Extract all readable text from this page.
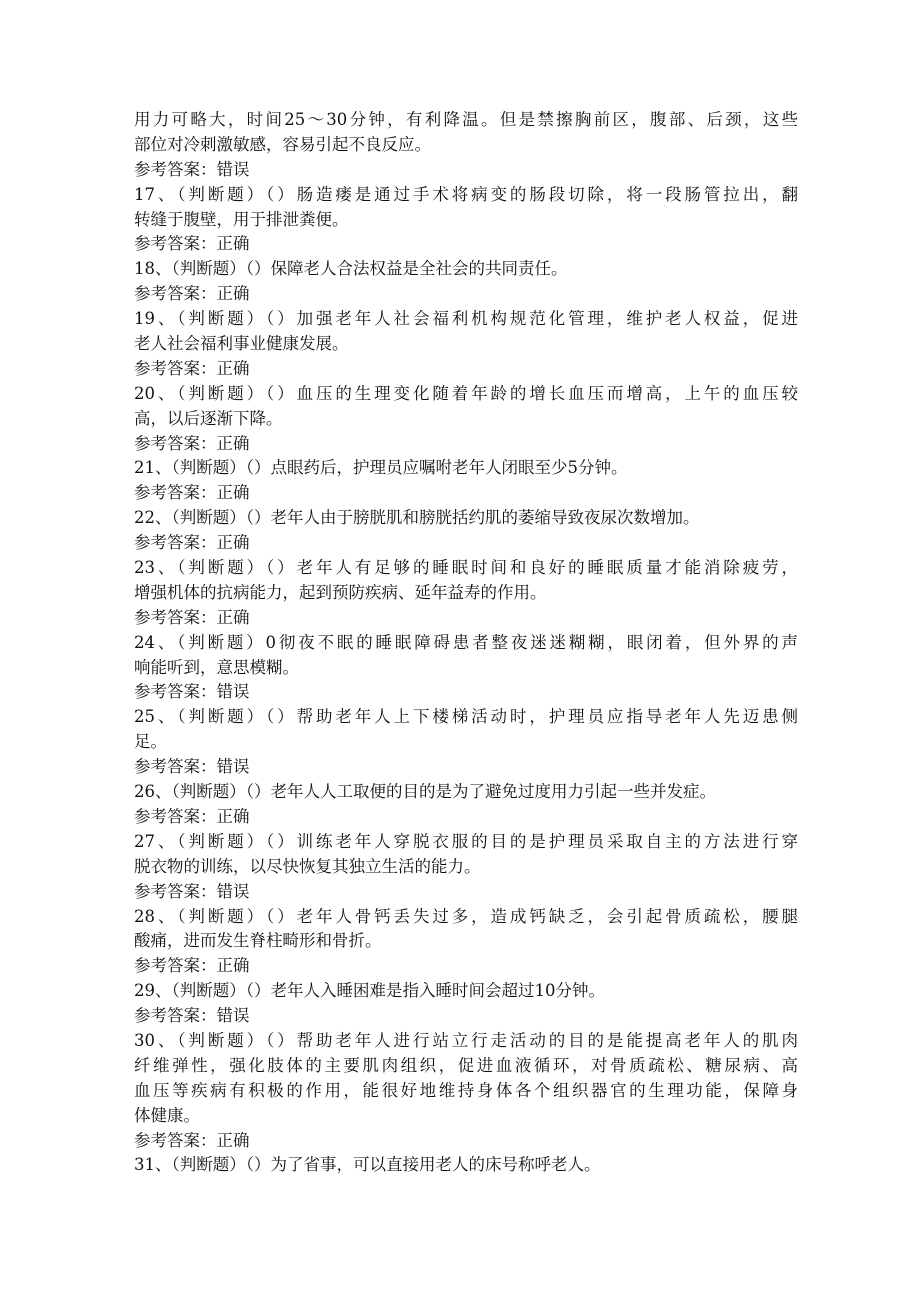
用力可略大，时间25～30分钟，有利降温。但是禁擦胸前区，腹部、后颈，这些
部位对冷刺激敏感，容易引起不良反应。
参考答案：错误
17、（判断题）（）肠造瘘是通过手术将病变的肠段切除，将一段肠管拉出，翻
转缝于腹壁，用于排泄粪便。
参考答案：正确
18、（判断题）（）保障老人合法权益是全社会的共同责任。
参考答案：正确
19、（判断题）（）加强老年人社会福利机构规范化管理，维护老人权益，促进
老人社会福利事业健康发展。
参考答案：正确
20、（判断题）（）血压的生理变化随着年龄的增长血压而增高，上午的血压较
高，以后逐渐下降。
参考答案：正确
21、（判断题）（）点眼药后，护理员应嘱咐老年人闭眼至少5分钟。
参考答案：正确
22、（判断题）（）老年人由于膀胱肌和膀胱括约肌的萎缩导致夜尿次数增加。
参考答案：正确
23、（判断题）（）老年人有足够的睡眠时间和良好的睡眠质量才能消除疲劳，
增强机体的抗病能力，起到预防疾病、延年益寿的作用。
参考答案：正确
24、（判断题）0彻夜不眠的睡眠障碍患者整夜迷迷糊糊，眼闭着，但外界的声
响能听到，意思模糊。
参考答案：错误
25、（判断题）（）帮助老年人上下楼梯活动时，护理员应指导老年人先迈患侧
足。
参考答案：错误
26、（判断题）（）老年人人工取便的目的是为了避免过度用力引起一些并发症。
参考答案：正确
27、（判断题）（）训练老年人穿脱衣服的目的是护理员采取自主的方法进行穿
脱衣物的训练，以尽快恢复其独立生活的能力。
参考答案：错误
28、（判断题）（）老年人骨钙丢失过多，造成钙缺乏，会引起骨质疏松，腰腿
酸痛，进而发生脊柱畸形和骨折。
参考答案：正确
29、（判断题）（）老年人入睡困难是指入睡时间会超过10分钟。
参考答案：错误
30、（判断题）（）帮助老年人进行站立行走活动的目的是能提高老年人的肌肉
纤维弹性，强化肢体的主要肌肉组织，促进血液循环，对骨质疏松、糖尿病、高
血压等疾病有积极的作用，能很好地维持身体各个组织器官的生理功能，保障身
体健康。
参考答案：正确
31、（判断题）（）为了省事，可以直接用老人的床号称呼老人。
